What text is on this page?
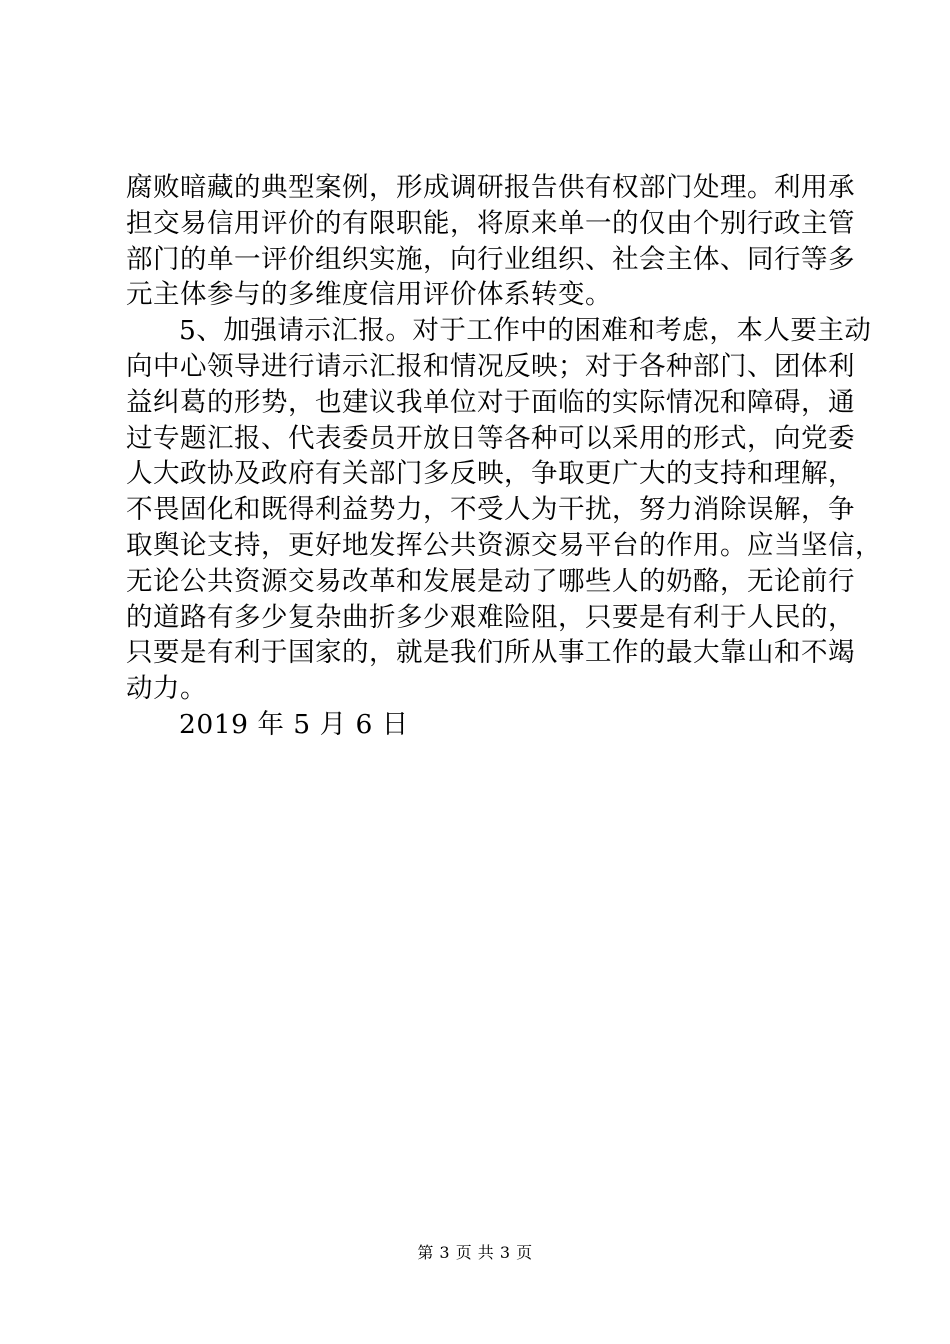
腐败暗藏的典型案例，形成调研报告供有权部门处理。利用承
担交易信用评价的有限职能，将原来单一的仅由个别行政主管
部门的单一评价组织实施，向行业组织、社会主体、同行等多
元主体参与的多维度信用评价体系转变。
5、加强请示汇报。对于工作中的困难和考虑，本人要主动
向中心领导进行请示汇报和情况反映；对于各种部门、团体利
益纠葛的形势，也建议我单位对于面临的实际情况和障碍，通
过专题汇报、代表委员开放日等各种可以采用的形式，向党委
人大政协及政府有关部门多反映，争取更广大的支持和理解，
不畏固化和既得利益势力，不受人为干扰，努力消除误解，争
取舆论支持，更好地发挥公共资源交易平台的作用。应当坚信，
无论公共资源交易改革和发展是动了哪些人的奶酪，无论前行
的道路有多少复杂曲折多少艰难险阻，只要是有利于人民的，
只要是有利于国家的，就是我们所从事工作的最大靠山和不竭
动力。
2019 年 5 月 6 日
第 3 页 共 3 页
